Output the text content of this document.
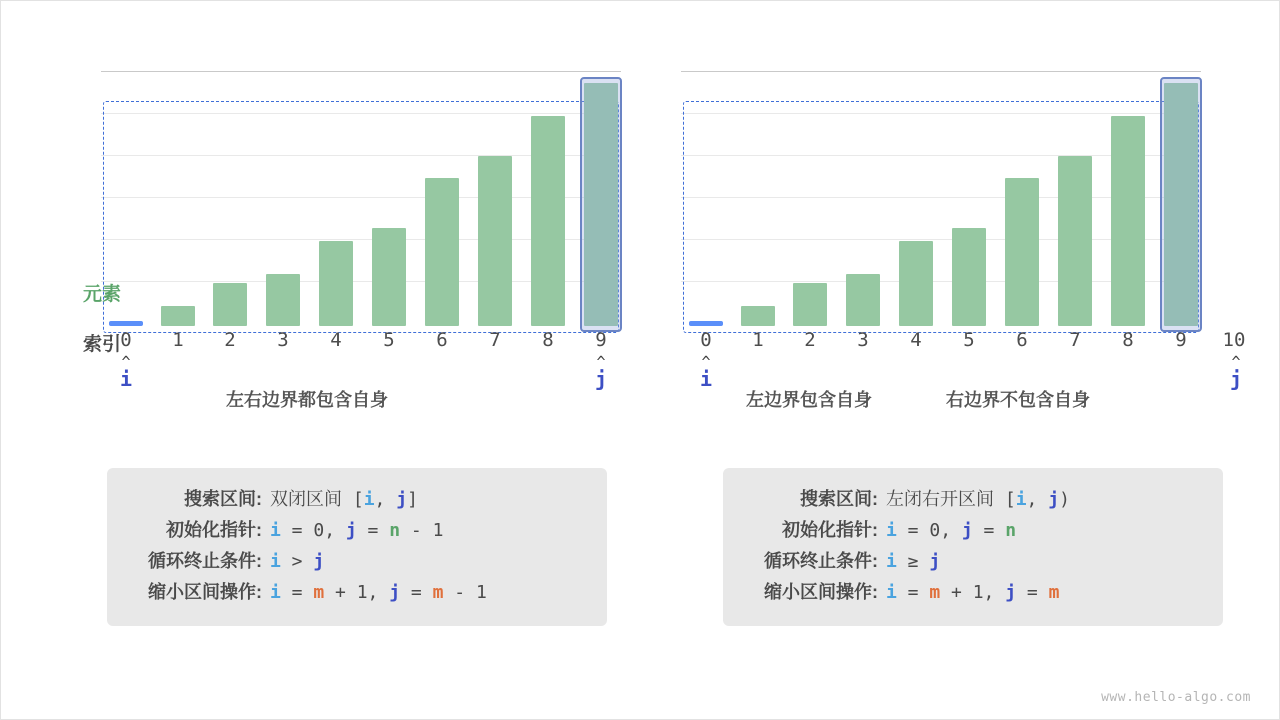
元素
索引 0	1	2	3	4	5	6	7	8	9
^
i
^
j
左右边界都包含自身
0	1	2	3	4	5	6	7	8	9	10
^
i
^
j
左边界包含自身	右边界不包含自身
搜索区间: 双闭区间 [i, j]
初始化指针: i = 0, j = n - 1
循环终止条件: i > j
缩小区间操作: i = m + 1, j = m - 1
搜索区间: 左闭右开区间 [i, j)
初始化指针: i = 0, j = n
循环终止条件: i ≥ j
缩小区间操作: i = m + 1, j = m
www.hello-algo.com
